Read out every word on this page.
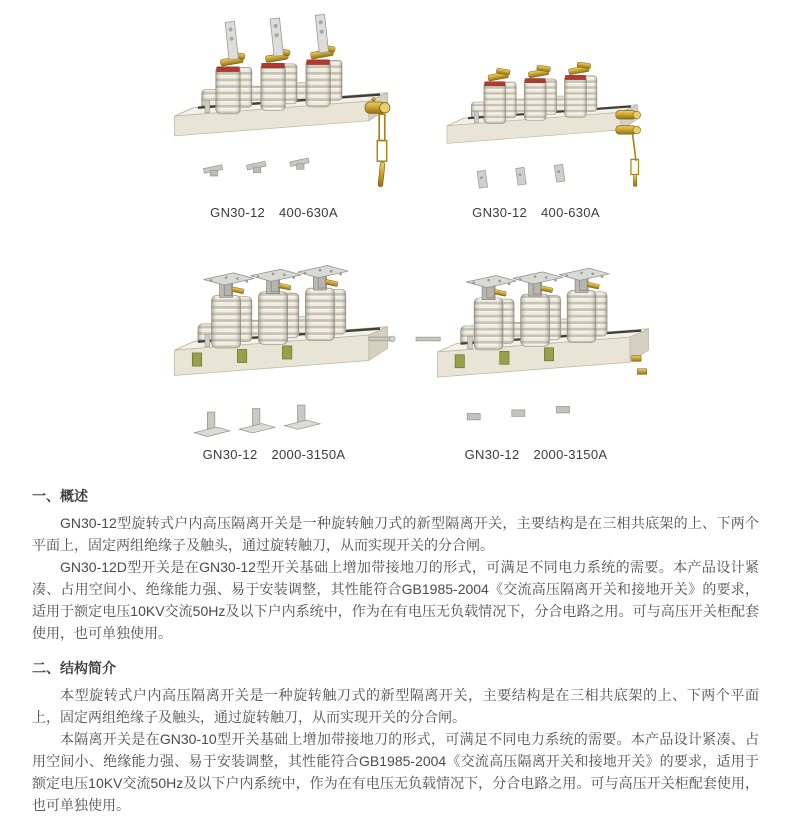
GN30-12 400-630A	GN30-12 400-630A
GN30-12 2000-3150A	GN30-12 2000-3150A
一、概述

GN30-12型旋转式户内高压隔离开关是一种旋转触刀式的新型隔离开关，主要结构是在三相共底架的上、下两个平面上，固定两组绝缘子及触头，通过旋转触刀，从而实现开关的分合闸。

GN30-12D型开关是在GN30-12型开关基础上增加带接地刀的形式，可满足不同电力系统的需要。本产品设计紧凑、占用空间小、绝缘能力强、易于安装调整，其性能符合GB1985-2004《交流高压隔离开关和接地开关》的要求，适用于额定电压10KV交流50Hz及以下户内系统中，作为在有电压无负载情况下，分合电路之用。可与高压开关柜配套使用，也可单独使用。

二、结构简介

本型旋转式户内高压隔离开关是一种旋转触刀式的新型隔离开关，主要结构是在三相共底架的上、下两个平面上，固定两组绝缘子及触头，通过旋转触刀，从而实现开关的分合闸。

本隔离开关是在GN30-10型开关基础上增加带接地刀的形式，可满足不同电力系统的需要。本产品设计紧凑、占用空间小、绝缘能力强、易于安装调整，其性能符合GB1985-2004《交流高压隔离开关和接地开关》的要求，适用于额定电压10KV交流50Hz及以下户内系统中，作为在有电压无负载情况下，分合电路之用。可与高压开关柜配套使用，也可单独使用。
